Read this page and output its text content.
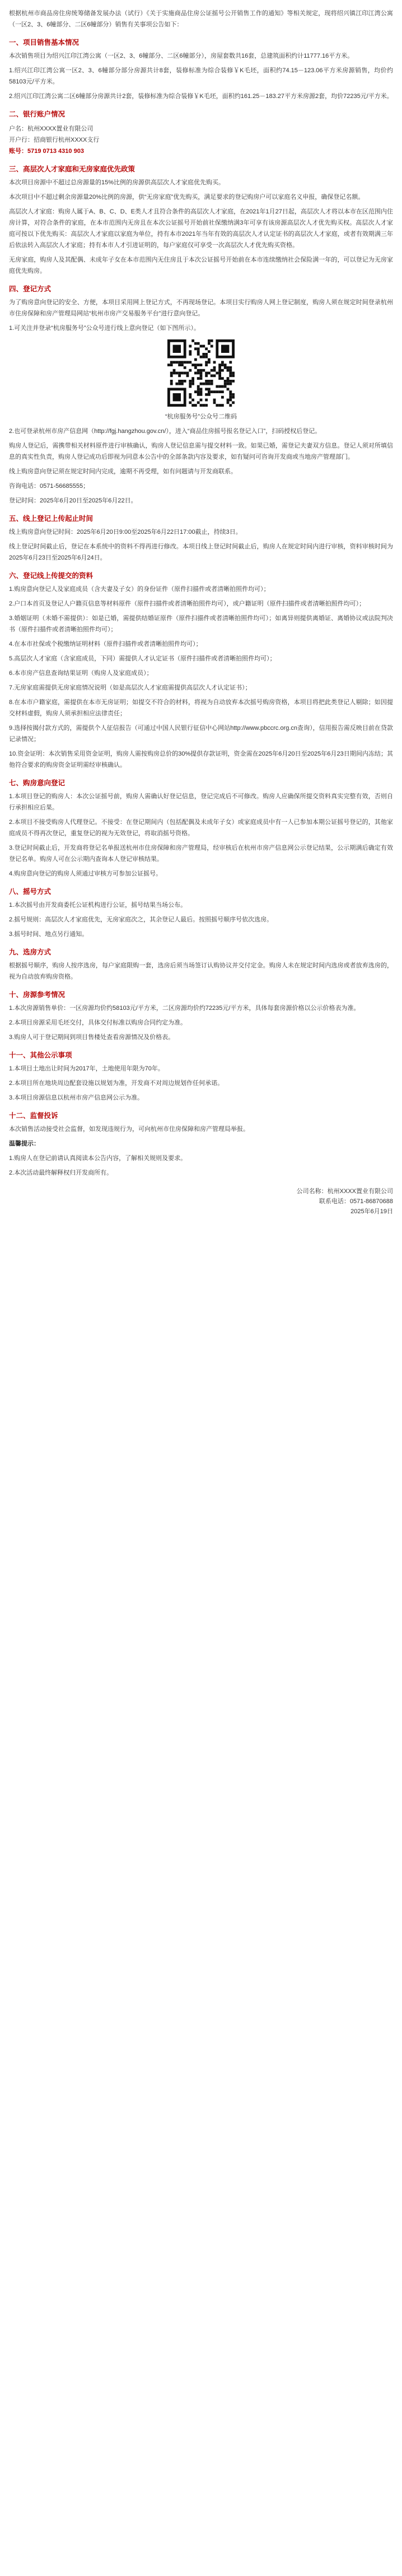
根据杭州市商品房住房统筹储备发展办法（试行）《关于实施商品住房公证摇号公开销售工作的通知》等相关规定，现将绍兴镇江印江湾公寓（一区2、3、6幢部分、二区6幢部分）销售有关事项公告如下：
一、项目销售基本情况
本次销售项目为绍兴江印江湾公寓（一区2、3、6幢部分、二区6幢部分），房屋套数共16套，总建筑面积约计11777.16平方米。
1.绍兴江印江湾公寓一区2、3、6幢部分部分房源共计8套，装修标准为综合装修￥K毛坯，面积约74.15－123.06平方米房源销售，均价约58103元/平方米。
2.绍兴江印江湾公寓二区6幢部分房源共计2套，装修标准为综合装修￥K毛坯，面积约161.25－183.27平方米房源2套，均价72235元/平方米。
二、银行账户情况
户名：杭州XXXX置业有限公司
开户行：招商银行杭州XXXX支行
账号：5719 0713 4310 903
三、高层次人才家庭和无房家庭优先政策
本次项目房源中不超过总房源量的15%比例的房源供高层次人才家庭优先购买。
本次项目中不超过剩余房源量20%比例的房源，供“无房家庭”优先购买，满足要求的登记购房户可以家庭名义申报，确保登记名额。
高层次人才家庭：购房人属于A、B、C、D、E类人才且符合条件的高层次人才家庭，在2021年1月27日起，高层次人才将以本市在区范围内住房计算，对符合条件的家庭，在本市范围内无房且在本次公证摇号开始前社保缴纳满3年可享有该房源高层次人才优先购买权。高层次人才家庭可按以下优先购买：高层次人才家庭以家庭为单位，持有本市2021年当年有效的高层次人才认定证书的高层次人才家庭，或者有效期满三年后依法转入高层次人才家庭；持有本市人才引进证明的，每户家庭仅可享受一次高层次人才优先购买资格。
无房家庭，购房人及其配偶、未成年子女在本市范围内无住房且于本次公证摇号开始前在本市连续缴纳社会保险满一年的，可以登记为无房家庭优先购房。
四、登记方式
为了购房意向登记的安全、方便，本项目采用网上登记方式，不再现场登记。本项目实行购房人网上登记制度，购房人须在规定时间登录杭州市住房保障和房产管理局网站“杭州市房产交易服务平台”进行意向登记。
1.可关注并登录“杭房服务号”公众号进行线上意向登记（如下图所示）。
“杭房服务号”公众号二维码
2.也可登录杭州市房产信息网（http://fgj.hangzhou.gov.cn/），进入“商品住房摇号报名登记入口”，扫码授权后登记。
购房人登记后，需携带相关材料原件进行审核确认，购房人登记信息需与提交材料一致。如果已婚，需登记夫妻双方信息。登记人须对所填信息的真实性负责，购房人登记成功后即视为同意本公告中的全部条款内容及要求，如有疑问可咨询开发商或当地房产管理部门。
线上购房意向登记须在规定时间内完成，逾期不再受理，如有问题请与开发商联系。
咨询电话：0571-56685555；
登记时间：2025年6月20日至2025年6月22日。
五、线上登记上传起止时间
线上购房意向登记时间：2025年6月20日9:00至2025年6月22日17:00截止，持续3日。
线上登记时间截止后，登记在本系统中的资料不得再进行修改。本项目线上登记时间截止后，购房人在规定时间内进行审核，资料审核时间为2025年6月23日至2025年6月24日。
六、登记线上传提交的资料
1.购房意向登记人及家庭成员（含夫妻及子女）的身份证件（原件扫描件或者清晰拍照件均可）；
2.户口本首页及登记人户籍页信息等材料原件（原件扫描件或者清晰拍照件均可），或户籍证明（原件扫描件或者清晰拍照件均可）；
3.婚姻证明（未婚不需提供）：如是已婚，需提供结婚证原件（原件扫描件或者清晰拍照件均可）；如离异则提供离婚证、离婚协议或法院判决书（原件扫描件或者清晰拍照件均可）；
4.在本市社保或个税缴纳证明材料（原件扫描件或者清晰拍照件均可）；
5.高层次人才家庭（含家庭成员，下同）需提供人才认定证书（原件扫描件或者清晰拍照件均可）；
6.本市房产信息查询结果证明（购房人及家庭成员）；
7.无房家庭需提供无房家庭情况说明（如是高层次人才家庭需提供高层次人才认定证书）；
8.在本市户籍家庭，需提供在本市无房证明；如提交不符合的材料，将视为自动放弃本次摇号购房资格，本项目将把此类登记人剔除；如因提交材料虚假，购房人须承担相应法律责任；
9.选择按揭付款方式的，需提供个人征信报告（可通过中国人民银行征信中心网站http://www.pbccrc.org.cn查询），信用报告需反映目前在贷款记录情况；
10.资金证明：本次销售采用资金证明，购房人需按购房总价的30%提供存款证明，资金需在2025年6月20日至2025年6月23日期间内冻结；其他符合要求的购房资金证明需经审核确认。
七、购房意向登记
1.本项目登记的购房人：本次公证摇号前，购房人需确认好登记信息，登记完成后不可修改。购房人应确保所提交资料真实完整有效，否则自行承担相应后果。
2.本项目不接受购房人代理登记。不接受：在登记期间内（包括配偶及未成年子女）或家庭成员中有一人已参加本期公证摇号登记的，其他家庭成员不得再次登记，重复登记的视为无效登记，将取消摇号资格。
3.登记时间截止后，开发商将登记名单报送杭州市住房保障和房产管理局，经审核后在杭州市房产信息网公示登记结果，公示期满后确定有效登记名单。购房人可在公示期内查询本人登记审核结果。
4.购房意向登记的购房人须通过审核方可参加公证摇号。
八、摇号方式
1.本次摇号由开发商委托公证机构进行公证，摇号结果当场公布。
2.摇号规则：高层次人才家庭优先，无房家庭次之，其余登记人最后。按照摇号顺序号依次选房。
3.摇号时间、地点另行通知。
九、选房方式
根据摇号顺序，购房人按序选房，每户家庭限购一套，选房后须当场签订认购协议并交付定金。购房人未在规定时间内选房或者放弃选房的，视为自动放弃购房资格。
十、房源参考情况
1.本次房源销售单价：一区房源均价约58103元/平方米，二区房源均价约72235元/平方米，具体每套房源价格以公示价格表为准。
2.本项目房源采用毛坯交付，具体交付标准以购房合同约定为准。
3.购房人可于登记期间到项目售楼处查看房源情况及价格表。
十一、其他公示事项
1.本项目土地出让时间为2017年，土地使用年限为70年。
2.本项目所在地块周边配套设施以规划为准，开发商不对周边规划作任何承诺。
3.本项目房源信息以杭州市房产信息网公示为准。
十二、监督投诉
本次销售活动接受社会监督，如发现违规行为，可向杭州市住房保障和房产管理局举报。
温馨提示：
1.购房人在登记前请认真阅读本公告内容，了解相关规则及要求。
2.本次活动最终解释权归开发商所有。
公司名称：杭州XXXX置业有限公司
联系电话：0571-86870688
2025年6月19日
